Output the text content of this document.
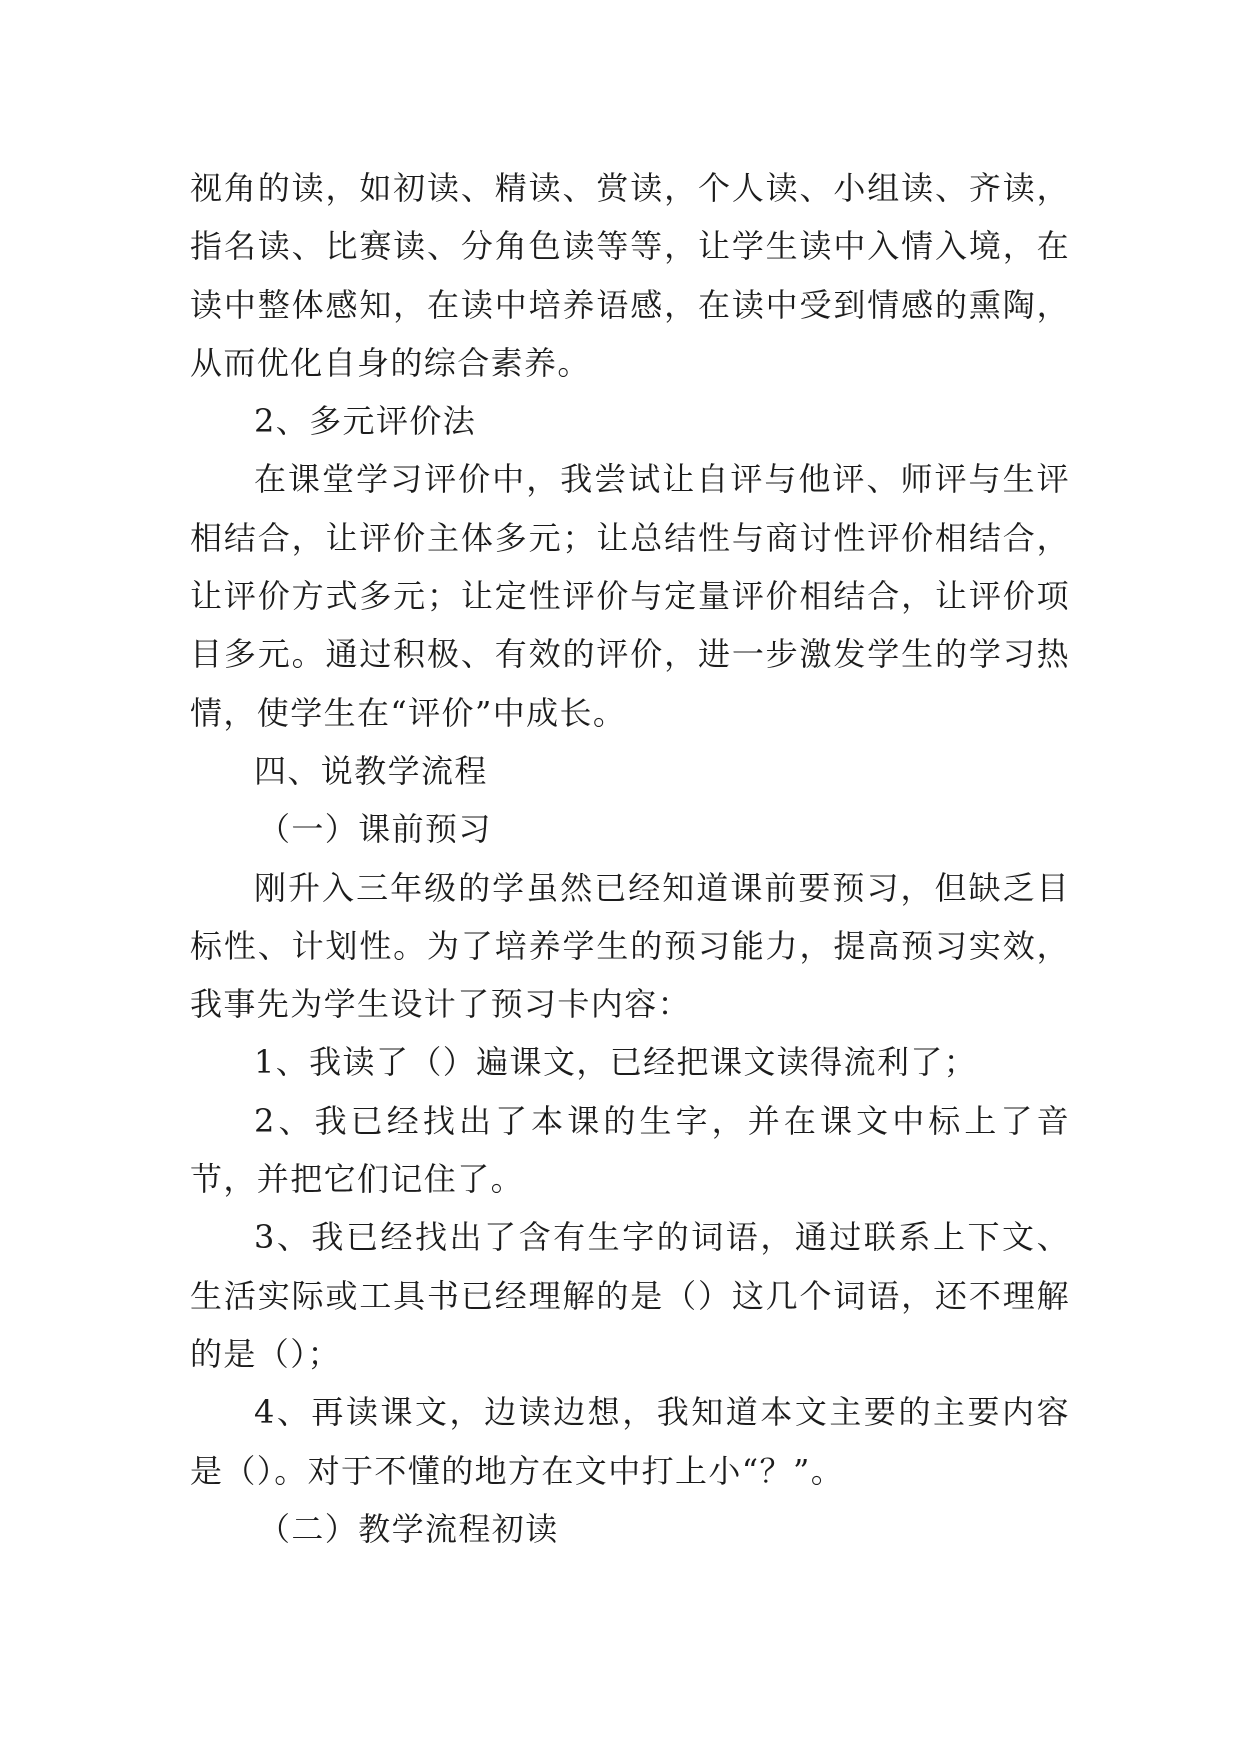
视角的读，如初读、精读、赏读，个人读、小组读、齐读，指名读、比赛读、分角色读等等，让学生读中入情入境，在读中整体感知，在读中培养语感，在读中受到情感的熏陶，从而优化自身的综合素养。

2、多元评价法

在课堂学习评价中，我尝试让自评与他评、师评与生评相结合，让评价主体多元；让总结性与商讨性评价相结合，让评价方式多元；让定性评价与定量评价相结合，让评价项目多元。通过积极、有效的评价，进一步激发学生的学习热情，使学生在“评价”中成长。

四、说教学流程

（一）课前预习

刚升入三年级的学虽然已经知道课前要预习，但缺乏目标性、计划性。为了培养学生的预习能力，提高预习实效，我事先为学生设计了预习卡内容：

1、我读了（）遍课文，已经把课文读得流利了；

2、我已经找出了本课的生字，并在课文中标上了音节，并把它们记住了。

3、我已经找出了含有生字的词语，通过联系上下文、生活实际或工具书已经理解的是（）这几个词语，还不理解的是（）；

4、再读课文，边读边想，我知道本文主要的主要内容是（）。对于不懂的地方在文中打上小“？”。

（二）教学流程初读
